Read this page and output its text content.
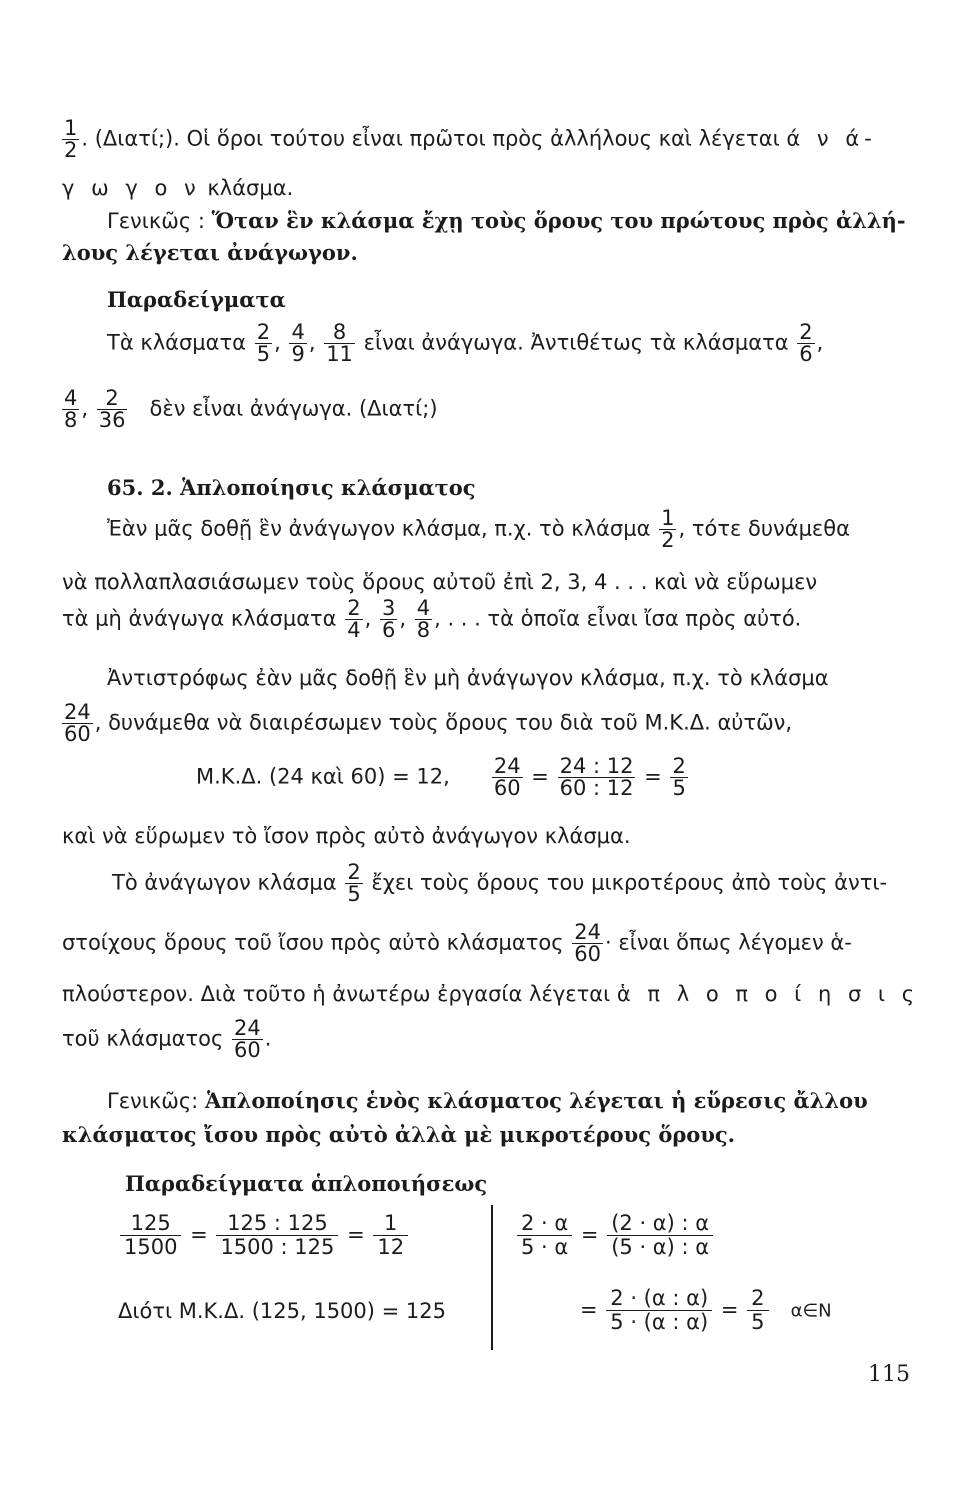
$\frac{1}{2}$ . (Διατί;). Οἱ ὅροι τούτου εἶναι πρῶτοι πρὸς ἀλλήλους καὶ λέγεται ά ν ά-
γ ω γ ο ν κλάσμα.
Γενικῶς : Ὅταν ἓν κλάσμα ἔχῃ τοὺς ὅρους του πρώτους πρὸς ἀλλή-
λους λέγεται ἀνάγωγον.
Παραδείγματα
Τὰ κλάσματα $\frac{2}{5}$ , $\frac{4}{9}$ , $\frac{8}{11}$ εἶναι ἀνάγωγα. Ἀντιθέτως τὰ κλάσματα $\frac{2}{6}$ ,
$\frac{4}{8}$ , $\frac{2}{36}$ δὲν εἶναι ἀνάγωγα. (Διατί;)
65. 2. Ἁπλοποίησις κλάσματος
Ἐὰν μᾶς δοθῇ ἓν ἀνάγωγον κλάσμα, π.χ. τὸ κλάσμα $\frac{1}{2}$ , τότε δυνάμεθα
νὰ πολλαπλασιάσωμεν τοὺς ὅρους αὐτοῦ ἐπὶ 2, 3, 4 . . . καὶ νὰ εὕρωμεν
τὰ μὴ ἀνάγωγα κλάσματα $\frac{2}{4}$ , $\frac{3}{6}$ , $\frac{4}{8}$ , . . . τὰ ὁποῖα εἶναι ἴσα πρὸς αὐτό.
Ἀντιστρόφως ἐὰν μᾶς δοθῇ ἓν μὴ ἀνάγωγον κλάσμα, π.χ. τὸ κλάσμα
$\frac{24}{60}$ , δυνάμεθα νὰ διαιρέσωμεν τοὺς ὅρους του διὰ τοῦ Μ.Κ.Δ. αὐτῶν,
Μ.Κ.Δ. (24 καὶ 60) = 12, $\frac{24}{60} = \frac{24 : 12}{60 : 12} = \frac{2}{5}$
καὶ νὰ εὕρωμεν τὸ ἴσον πρὸς αὐτὸ ἀνάγωγον κλάσμα.
Τὸ ἀνάγωγον κλάσμα $\frac{2}{5}$ ἔχει τοὺς ὅρους του μικροτέρους ἀπὸ τοὺς ἀντι-
στοίχους ὅρους τοῦ ἴσου πρὸς αὐτὸ κλάσματος $\frac{24}{60}$ · εἶναι ὅπως λέγομεν ἁ-
πλούστερον. Διὰ τοῦτο ἡ ἀνωτέρω ἐργασία λέγεται ἁ π λ ο π ο ί η σ ι ς
τοῦ κλάσματος $\frac{24}{60}$ .
Γενικῶς: Ἁπλοποίησις ἑνὸς κλάσματος λέγεται ἡ εὕρεσις ἄλλου
κλάσματος ἴσου πρὸς αὐτὸ ἀλλὰ μὲ μικροτέρους ὅρους.
Παραδείγματα ἁπλοποιήσεως
$\frac{125}{1500} = \frac{125 : 125}{1500 : 125} = \frac{1}{12}$
Διότι Μ.Κ.Δ. (125, 1500) = 125
$\frac{2 \cdot \alpha}{5 \cdot \alpha} = \frac{(2 \cdot \alpha) : \alpha}{(5 \cdot \alpha) : \alpha}$
= $\frac{2 \cdot (\alpha : \alpha)}{5 \cdot (\alpha : \alpha)} = \frac{2}{5}$ α∈N
115
